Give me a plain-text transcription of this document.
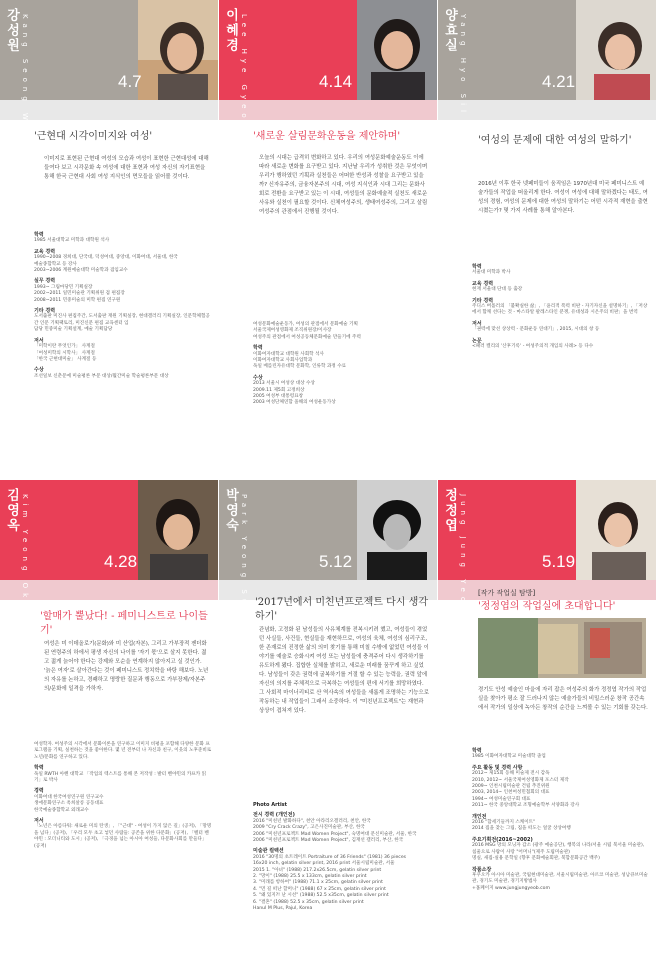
강성원 Kang Seong Won	4.7
'근현대 시각이미지와 여성'
이미지로 표현된 근현대 여성의 모습과 여성이 표현한 근현대성에 대해 들여다 보고 시각문화 속 여성에 대한 표현과 여성 자신의 자기표현을 통해 한국 근현대 사회 여성 지식인의 면모들을 읽어볼 것이다.
학력
1985 서울대학교 미학과 대학원 석사
교육 경력
1990~2008 경희대, 단국대, 덕성여대, 중앙대, 이화여대, 서울대, 한국
예술종합학교 등 강사
2003~2006 계원예술대학 미술학과 겸임교수
실무 경력
1993~ 그림마당민 기획실장
2002~2011 일민미술관 기획위원 겸 편집장
2008~2011 민중미술의 미학 편집 연구원
기타 경력
도서출판 미진사 편집주간, 도서출판 재원 기획실장, 현대갤러리 기획실장, 인문학체험공간 인문 기획팩토리, 미진신문 편집 교육센터 입
담당 민중미술 기획설계, 예술 기획담당
저서
「미학이란 무엇인가」 사계절
「여성미학의 시학사」 사계절
「한국 근현대미술」 사계절 등
수상
조선일보 신춘문예 미술평론 부문 대상/월간미술 학술평론부문 대상
이혜경 Lee Hye Gyeong	4.14
'새로운 살림문화운동을 제안하며'
오늘의 시대는 급격히 변화하고 있다. 우리의 여성문화예술운동도 이에 따라 새로운 변화를 요구받고 있다. 지난날 우리가 성취한 것은 무엇이며 우리가 행하였던 기획과 실천들은 어떠한 반성과 성찰을 요구받고 있을까? 신자유주의, 금융자본주의 시대, 여성 지식인과 시대 그리는 문화사회로 전환을 요구받고 있는 이 시대, 여성들의 문화예술적 실천도 새로운 사유와 실천이 필요할 것이다. 신체여성주의, 생태여성주의, 그리고 살림여성주의 관점에서 진행될 것이다.
여성문화예술운동가, 여성의 관점에서 문화예술 기획
서울국제여성영화제 조직위원장/이사장
여성주의 관점에서 여성공동체문화예술 만들기에 주력
학력
이화여자대학교 대학원 사회학 석사
이화여자대학교 사회사업학과
독일 베를린자유대학 문화학, 인류학 과정 수료
수상
2013 서울시 여성상 대상 수상
2009.11 제5회 고정희상
2005 여성부 대통령표창
2003 여성단체연합 올해의 여성운동가상
양효실 Yang Hyo Sil	4.21
'여성의 문제에 대한 여성의 말하기'
2016년 이후 한국 넷페미들이 움직임은 1970년대 미국 페미니스트 예술가들의 작업을 떠올리게 한다. 여성이 여성에 대해 말하겠다는 태도, 여성의 경험, 여성의 문제에 대한 여성의 말하기는 어떤 시각적 재현을 출현시켰는가? 몇 가지 사례를 통해 알아본다.
학력
서울대 미학과 박사
교육 경력
현재 서울대 단대 등 출강
기타 경력
주디스 버틀러의 「불확실한 삶」, 「윤리적 폭력 비판 - 자기자신을 설명하기」, 「저상에서 함께 선다는 것 - 마스타알 팔레스타인 분쟁, 유대성과 시온주의 비판」을 번역
저서
「권력에 맞선 상상력 - 문화운동 연대기」, 2015, 시대의 창 등
논문
<패러 켈리의 '산후기록' - 여성주의적 개입의 사례> 등 다수
김영옥 Kim Yeong Ok	4.28
'할매가 뿔났다! - 페미니스트로 나이들기'
여성은 미 이데올로기(문화)와 미 산업(자본), 그리고 가부장적 젠더화된 연령주의 하에서 평생 자신의 나이를 '자기 몫'으로 살지 못한다. 젊고 젊게 늙어야 한다는 강제와 모순을 연계하지 않아지고 실 것인가. '늙은 여자'로 살아간다는 것이 페미니스트 정치학을 바탕 해보다. 노년의 자유를 논하고, 경쾌하고 명랑한 질문과 행동으로 가부장제/자본주의/문화에 일격을 가하자.
여성학자. 여성주의 시각에서 문화이론을 연구하고 이미지 비평을 포함해 다양한 문화 프로그램을 기획, 실천하는 것을 좋아한다. 몇 년 전부터 나 자신과 친구, 이웃의 노후준비로 노년/문화를 연구하고 있다.
학력
독일 RWTH 아헨 대학교 「작업의 텍스트를 통해 본 저작성 : 발터 벤야민의 카프카 읽기」로 박사
경력
이화여대 한국여성연구원 연구교수
생애문화연구소 옥희살롱 공동대표
한국예술종합학교 외래교수
저서
「노년은 아름다워: 새로운 미의 탄생」, 「"근대" - 여성이 가지 않은 길」(공저), 「망명을 넘다」(공저), 「우리 모두 초고 넣던 사람들: 공존을 위한 다문화」(공저), 「벨터 벤야민 : 모더니티와 도시」(공저), 「극경을 넘는 아시아 여성들, 다문화사회를 만들다」(공저)
박영숙 Park Yeong Suk	5.12
'2017년에서 미친년프로젝트 다시 생각하기'
관념화, 고정화 된 남성들의 사유체계를 전복시키려 했고, 여성들이 겪었던 사실들, 사건들, 현실들을 재현하므로, 여성의 육체, 여성의 심리구조, 한 존재로의 진정한 삶의 의미 찾기를 통해 미칠 수밖에 없었던 여성들 이야기를 예술로 승화시켜 여성 또는 남성들에 충격주어 다시 생각하기를 유도하게 됐다. 집합한 실체를 밝히고, 새로운 미래를 꿈꾸게 하고 싶었다. 남성들이 갖은 권력에 굴복하기를 거절 할 수 있는 능력을, 권력 앞에 자신의 의지를 주체적으로 극복하는 여성들의 편에 서기를 희망하였다. 그 사회적 마이너리티로 산 역사속의 여성들을 새롭게 조명하는 기능으로 작동하는 내 작업들이 그래서 소중하다. 이 "미친년프로젝트"는 재현과 상상이 겹쳐져 있다.
Photo Artist
전시 경력 (개인전)
2016 "미친년 발화하다", 천안 아라리오갤러리, 천안, 한국
2009 "Cry Crack Crazy", 고은사진미술관, 부산, 한국
2006 "미친년프로젝트 Mad Women Project", 숙명여대 문신미술관, 서울, 한국
2006 "미친년프로젝트 Mad Women Project", 김재선 갤러리, 부산, 한국
미술관 컬렉션
2016 "30명의 초트레이트 Portraiture of 36 Friends" (1981) 36 pieces
16x20 inch, gelatin silver print, 2016 print 서울시립미술관, 서울
2015 1. "아녀" (1988) 217.2x26.5cm, gelatin silver print
2. "망이" (1988) 25.5 x 133cm, gelatin silver print
3. "미래를 항하여" (1988) 71.1 x 25cm, gelatin silver print
4. "먼 길 떠난 할머니" (1988) 67 x 25cm, gelatin silver print
5. "왜 있지?! 난 시선" (1988) 52.5 x35cm, gelatin silver print
6. "결혼" (1988) 52.5 x 35cm, gelatin silver print
Hanul M Plus, Pajul, Korea
정정엽 Jung Jung Yeob	5.19
[작가 작업실 탐방]
'정정엽의 작업실에 초대합니다'
경기도 안성 예술인 마을에 자리 잡은 여성주의 화가 정정엽 작가의 작업실을 찾아가 평소 잘 드러나지 않는 예술가들의 비밀스러운 창작 공간속에서 작가의 일상에 녹아든 창작의 순간을 느껴볼 수 있는 기회를 갖는다.
학력
1985 이화여자대학교 미술대학 졸업
주요 활동 및 경력 사항
2012~ 제15회 동해 미술제 전시 감독
2010, 2012~ 서울국제여성영화제 포스터 제작
2009~ 인천시립미술관 건립 추진위원
2003, 2014~ 인천여성민첩회의 대표
1994~ 여성미술연구회 대표
2011~ 한국 중앙대학교 조형예술학부 서양화과 강사
개인전
2016 "합세기들까지 스케이트"
2014 집을 찾는 그림, 집을 떠도는 얼굴 상상여행
주요기획전(2016~2002)
2016 MSG 망의 모닝자 감소 (광주 예술공단), 행복의 나라/서울 시립 북서울 미술관), 침울으로 사람이 사랑 "어머니"(제주 도립미술관)
명실, 새집-실용 문학일 (향후 문화예술회관, 북합문화공간 백주)
작품소장
후쿠오카 아시아 미술관, 국립현대미술관, 서울시립미술관, 아르코 미술관, 성남큐브미술관, 경기도 미술관, 경기지방법사
+홈페이지 www.jungjungyeob.com
